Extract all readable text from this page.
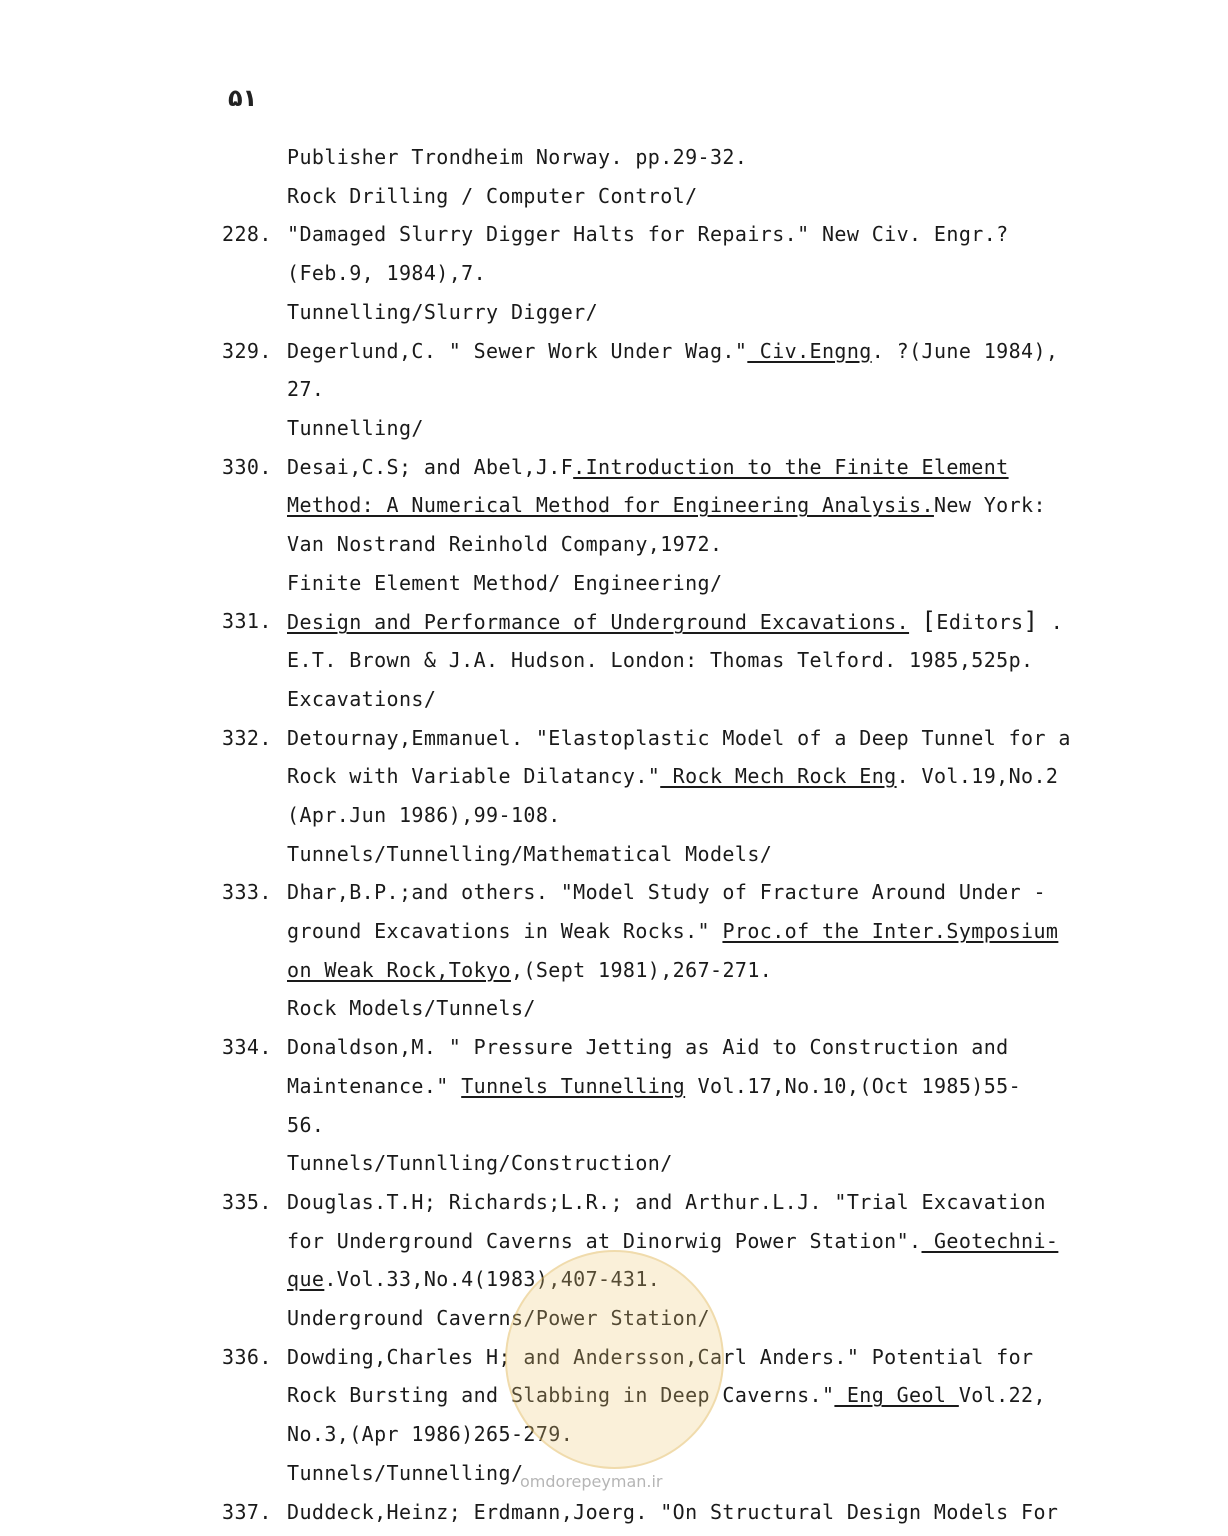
۵۱
Publisher Trondheim Norway. pp.29-32.
Rock Drilling / Computer Control/
228. "Damaged Slurry Digger Halts for Repairs." New Civ. Engr.?
(Feb.9, 1984),7.
Tunnelling/Slurry Digger/
329. Degerlund,C. " Sewer Work Under Wag." Civ.Engng. ?(June 1984),
27.
Tunnelling/
330. Desai,C.S; and Abel,J.F.Introduction to the Finite Element
Method: A Numerical Method for Engineering Analysis.New York:
Van Nostrand Reinhold Company,1972.
Finite Element Method/ Engineering/
331. Design and Performance of Underground Excavations. [Editors] .
E.T. Brown & J.A. Hudson. London: Thomas Telford. 1985,525p.
Excavations/
332. Detournay,Emmanuel. "Elastoplastic Model of a Deep Tunnel for a
Rock with Variable Dilatancy." Rock Mech Rock Eng. Vol.19,No.2
(Apr.Jun 1986),99-108.
Tunnels/Tunnelling/Mathematical Models/
333. Dhar,B.P.;and others. "Model Study of Fracture Around Under -
ground Excavations in Weak Rocks." Proc.of the Inter.Symposium
on Weak Rock,Tokyo,(Sept 1981),267-271.
Rock Models/Tunnels/
334. Donaldson,M. " Pressure Jetting as Aid to Construction and
Maintenance." Tunnels Tunnelling Vol.17,No.10,(Oct 1985)55-
56.
Tunnels/Tunnlling/Construction/
335. Douglas.T.H; Richards;L.R.; and Arthur.L.J. "Trial Excavation
for Underground Caverns at Dinorwig Power Station". Geotechni-
que.Vol.33,No.4(1983),407-431.
Underground Caverns/Power Station/
336. Dowding,Charles H; and Andersson,Carl Anders." Potential for
Rock Bursting and Slabbing in Deep Caverns." Eng Geol Vol.22,
No.3,(Apr 1986)265-279.
Tunnels/Tunnelling/
337. Duddeck,Heinz; Erdmann,Joerg. "On Structural Design Models For
omdorepeyman.ir
